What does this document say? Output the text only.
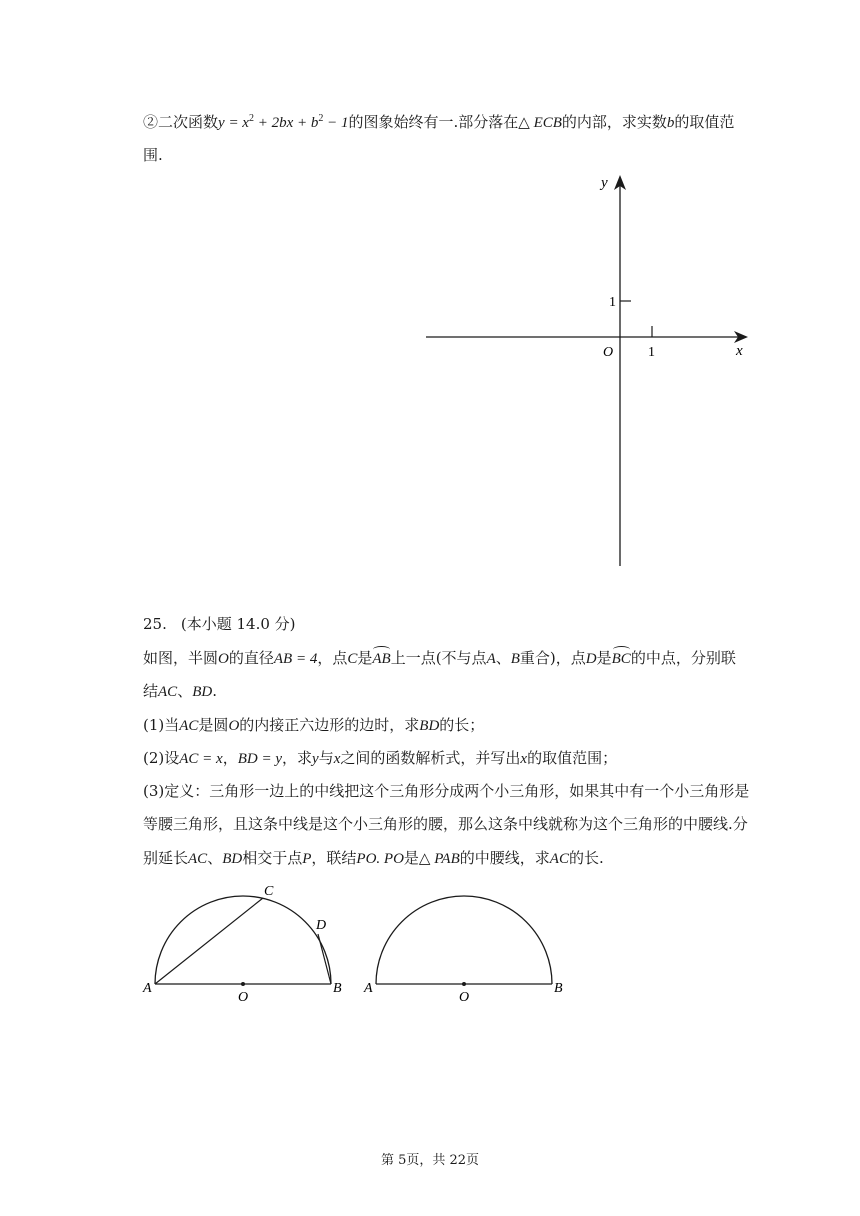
②二次函数$y = x^2 + 2bx + b^2 - 1$的图象始终有一.部分落在△ ECB的内部，求实数b的取值范
围.
y
x
O
1
1
25. (本小题 14.0 分)
如图，半圆O的直径AB = 4，点C是AB上一点(不与点A、B重合)，点D是BC的中点，分别联
结AC、BD.
(1)当AC是圆O的内接正六边形的边时，求BD的长；
(2)设AC = x，BD = y，求y与x之间的函数解析式，并写出x的取值范围；
(3)定义：三角形一边上的中线把这个三角形分成两个小三角形，如果其中有一个小三角形是
等腰三角形，且这条中线是这个小三角形的腰，那么这条中线就称为这个三角形的中腰线.分
别延长AC、BD相交于点P，联结PO. PO是△ PAB的中腰线，求AC的长.
A	B
O
C
D
A	B
O
第 5页，共 22页
